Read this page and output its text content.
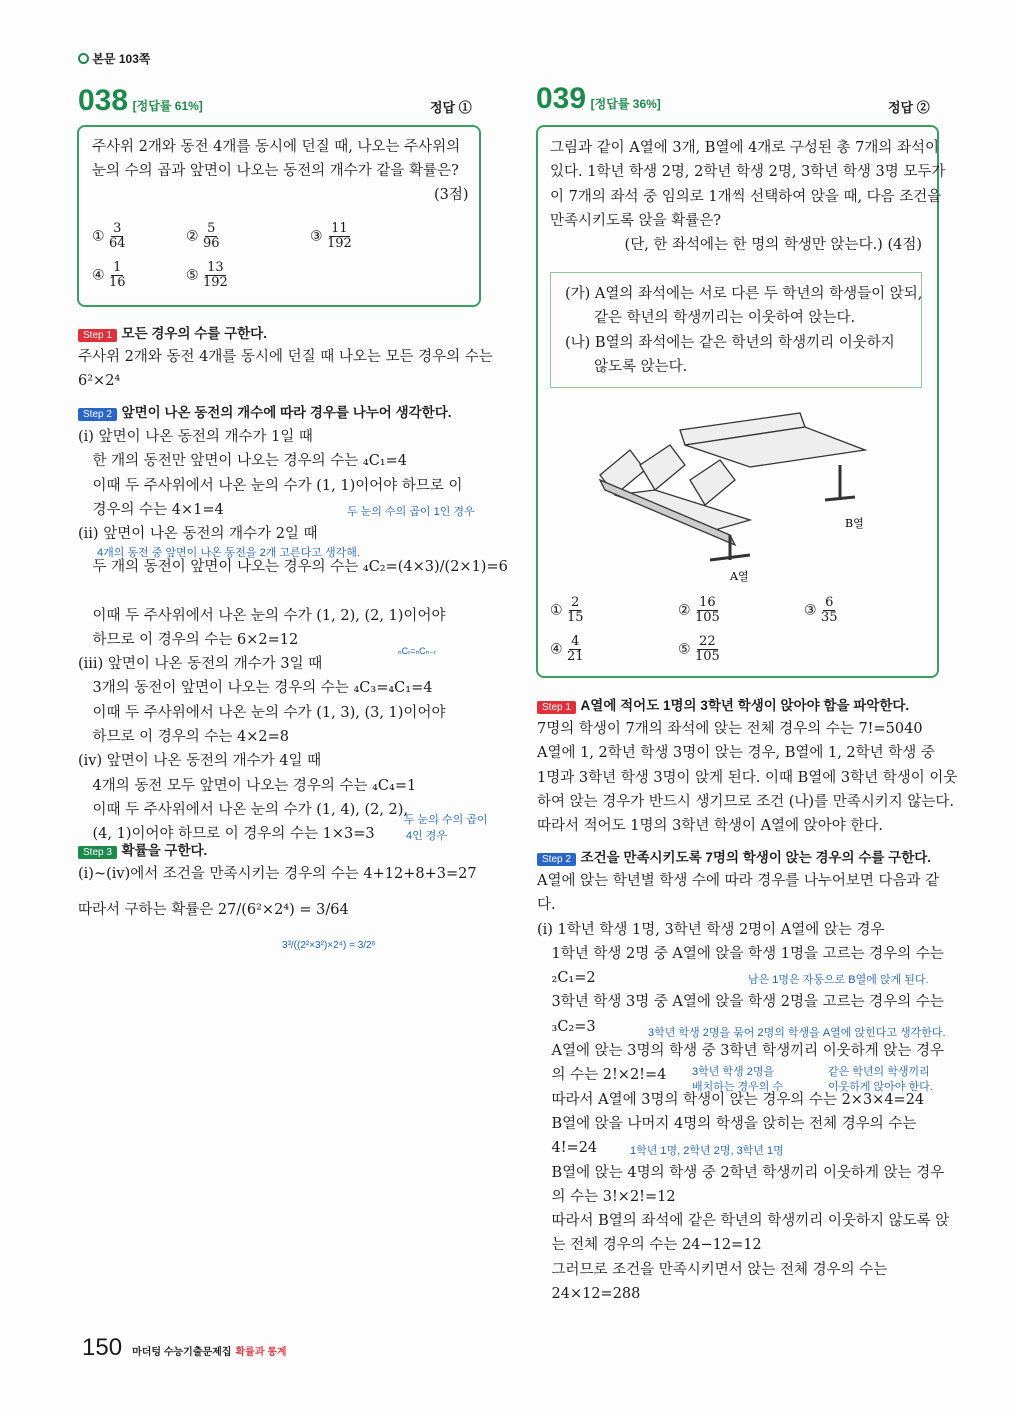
본문 103쪽
038 [정답률 61%]	정답 ①
주사위 2개와 동전 4개를 동시에 던질 때, 나오는 주사위의
눈의 수의 곱과 앞면이 나오는 동전의 개수가 같을 확률은?
(3점)
① $\frac{3}{64}$	② $\frac{5}{96}$	③ $\frac{11}{192}$
④ $\frac{1}{16}$	⑤ $\frac{13}{192}$
Step 1 모든 경우의 수를 구한다.
주사위 2개와 동전 4개를 동시에 던질 때 나오는 모든 경우의 수는
6²×2⁴
Step 2 앞면이 나온 동전의 개수에 따라 경우를 나누어 생각한다.
(i) 앞면이 나온 동전의 개수가 1일 때
　한 개의 동전만 앞면이 나오는 경우의 수는 ₄C₁=4
　이때 두 주사위에서 나온 눈의 수가 (1, 1)이어야 하므로 이
　경우의 수는 4×1=4
(ii) 앞면이 나온 동전의 개수가 2일 때
　두 개의 동전이 앞면이 나오는 경우의 수는 ₄C₂=(4×3)/(2×1)=6
　이때 두 주사위에서 나온 눈의 수가 (1, 2), (2, 1)이어야
　하므로 이 경우의 수는 6×2=12
(iii) 앞면이 나온 동전의 개수가 3일 때
　3개의 동전이 앞면이 나오는 경우의 수는 ₄C₃=₄C₁=4
　이때 두 주사위에서 나온 눈의 수가 (1, 3), (3, 1)이어야
　하므로 이 경우의 수는 4×2=8
(iv) 앞면이 나온 동전의 개수가 4일 때
　4개의 동전 모두 앞면이 나오는 경우의 수는 ₄C₄=1
　이때 두 주사위에서 나온 눈의 수가 (1, 4), (2, 2),
　(4, 1)이어야 하므로 이 경우의 수는 1×3=3
Step 3 확률을 구한다.
(i)~(iv)에서 조건을 만족시키는 경우의 수는 4+12+8+3=27
따라서 구하는 확률은 27/(6²×2⁴) = 3/64
두 눈의 수의 곱이 1인 경우
4개의 동전 중 앞면이 나온 동전을 2개 고른다고 생각해.
ₙCᵣ=ₙCₙ₋ᵣ
두 눈의 수의 곱이
4인 경우
3³/((2²×3²)×2⁴) = 3/2⁶
039 [정답률 36%]	정답 ②
그림과 같이 A열에 3개, B열에 4개로 구성된 총 7개의 좌석이
있다. 1학년 학생 2명, 2학년 학생 2명, 3학년 학생 3명 모두가
이 7개의 좌석 중 임의로 1개씩 선택하여 앉을 때, 다음 조건을
만족시키도록 앉을 확률은?
(단, 한 좌석에는 한 명의 학생만 앉는다.) (4점)
(가) A열의 좌석에는 서로 다른 두 학년의 학생들이 앉되,
　　같은 학년의 학생끼리는 이웃하여 앉는다.
(나) B열의 좌석에는 같은 학년의 학생끼리 이웃하지
　　않도록 앉는다.
A열
B열
① $\frac{2}{15}$	② $\frac{16}{105}$	③ $\frac{6}{35}$
④ $\frac{4}{21}$	⑤ $\frac{22}{105}$
Step 1 A열에 적어도 1명의 3학년 학생이 앉아야 함을 파악한다.
7명의 학생이 7개의 좌석에 앉는 전체 경우의 수는 7!=5040
A열에 1, 2학년 학생 3명이 앉는 경우, B열에 1, 2학년 학생 중
1명과 3학년 학생 3명이 앉게 된다. 이때 B열에 3학년 학생이 이웃
하여 앉는 경우가 반드시 생기므로 조건 (나)를 만족시키지 않는다.
따라서 적어도 1명의 3학년 학생이 A열에 앉아야 한다.
Step 2 조건을 만족시키도록 7명의 학생이 앉는 경우의 수를 구한다.
A열에 앉는 학년별 학생 수에 따라 경우를 나누어보면 다음과 같
다.
(i) 1학년 학생 1명, 3학년 학생 2명이 A열에 앉는 경우
　1학년 학생 2명 중 A열에 앉을 학생 1명을 고르는 경우의 수는
　₂C₁=2
　3학년 학생 3명 중 A열에 앉을 학생 2명을 고르는 경우의 수는
　₃C₂=3
　A열에 앉는 3명의 학생 중 3학년 학생끼리 이웃하게 앉는 경우
　의 수는 2!×2!=4
　따라서 A열에 3명의 학생이 앉는 경우의 수는 2×3×4=24
　B열에 앉을 나머지 4명의 학생을 앉히는 전체 경우의 수는
　4!=24
　B열에 앉는 4명의 학생 중 2학년 학생끼리 이웃하게 앉는 경우
　의 수는 3!×2!=12
　따라서 B열의 좌석에 같은 학년의 학생끼리 이웃하지 않도록 앉
　는 전체 경우의 수는 24−12=12
　그러므로 조건을 만족시키면서 앉는 전체 경우의 수는
　24×12=288
남은 1명은 자동으로 B열에 앉게 된다.
3학년 학생 2명을 묶어 2명의 학생을 A열에 앉힌다고 생각한다.
3학년 학생 2명을
배치하는 경우의 수
같은 학년의 학생끼리
이웃하게 앉아야 한다.
1학년 1명, 2학년 2명, 3학년 1명
150 마더텅 수능기출문제집 확률과 통계
